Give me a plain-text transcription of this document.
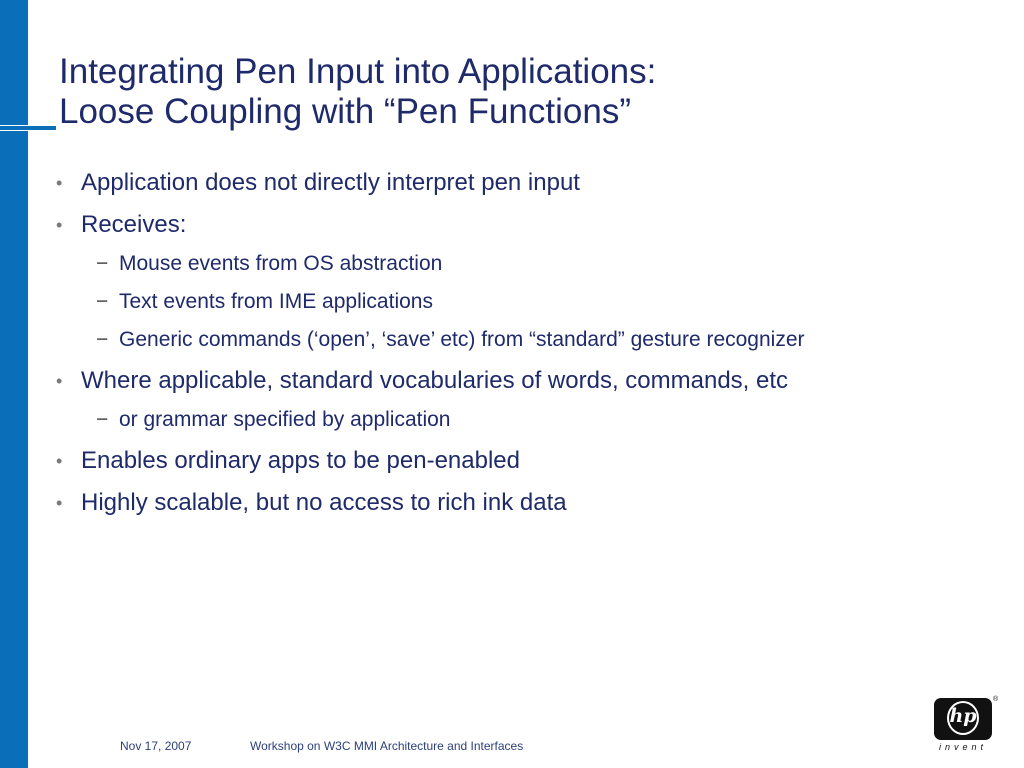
Integrating Pen Input into Applications:
Loose Coupling with “Pen Functions”
• Application does not directly interpret pen input
• Receives:
− Mouse events from OS abstraction
− Text events from IME applications
− Generic commands (‘open’, ‘save’ etc) from “standard” gesture recognizer
• Where applicable, standard vocabularies of words, commands, etc
− or grammar specified by application
• Enables ordinary apps to be pen-enabled
• Highly scalable, but no access to rich ink data
Nov 17, 2007	Workshop on W3C MMI Architecture and Interfaces
hp
®
invent
